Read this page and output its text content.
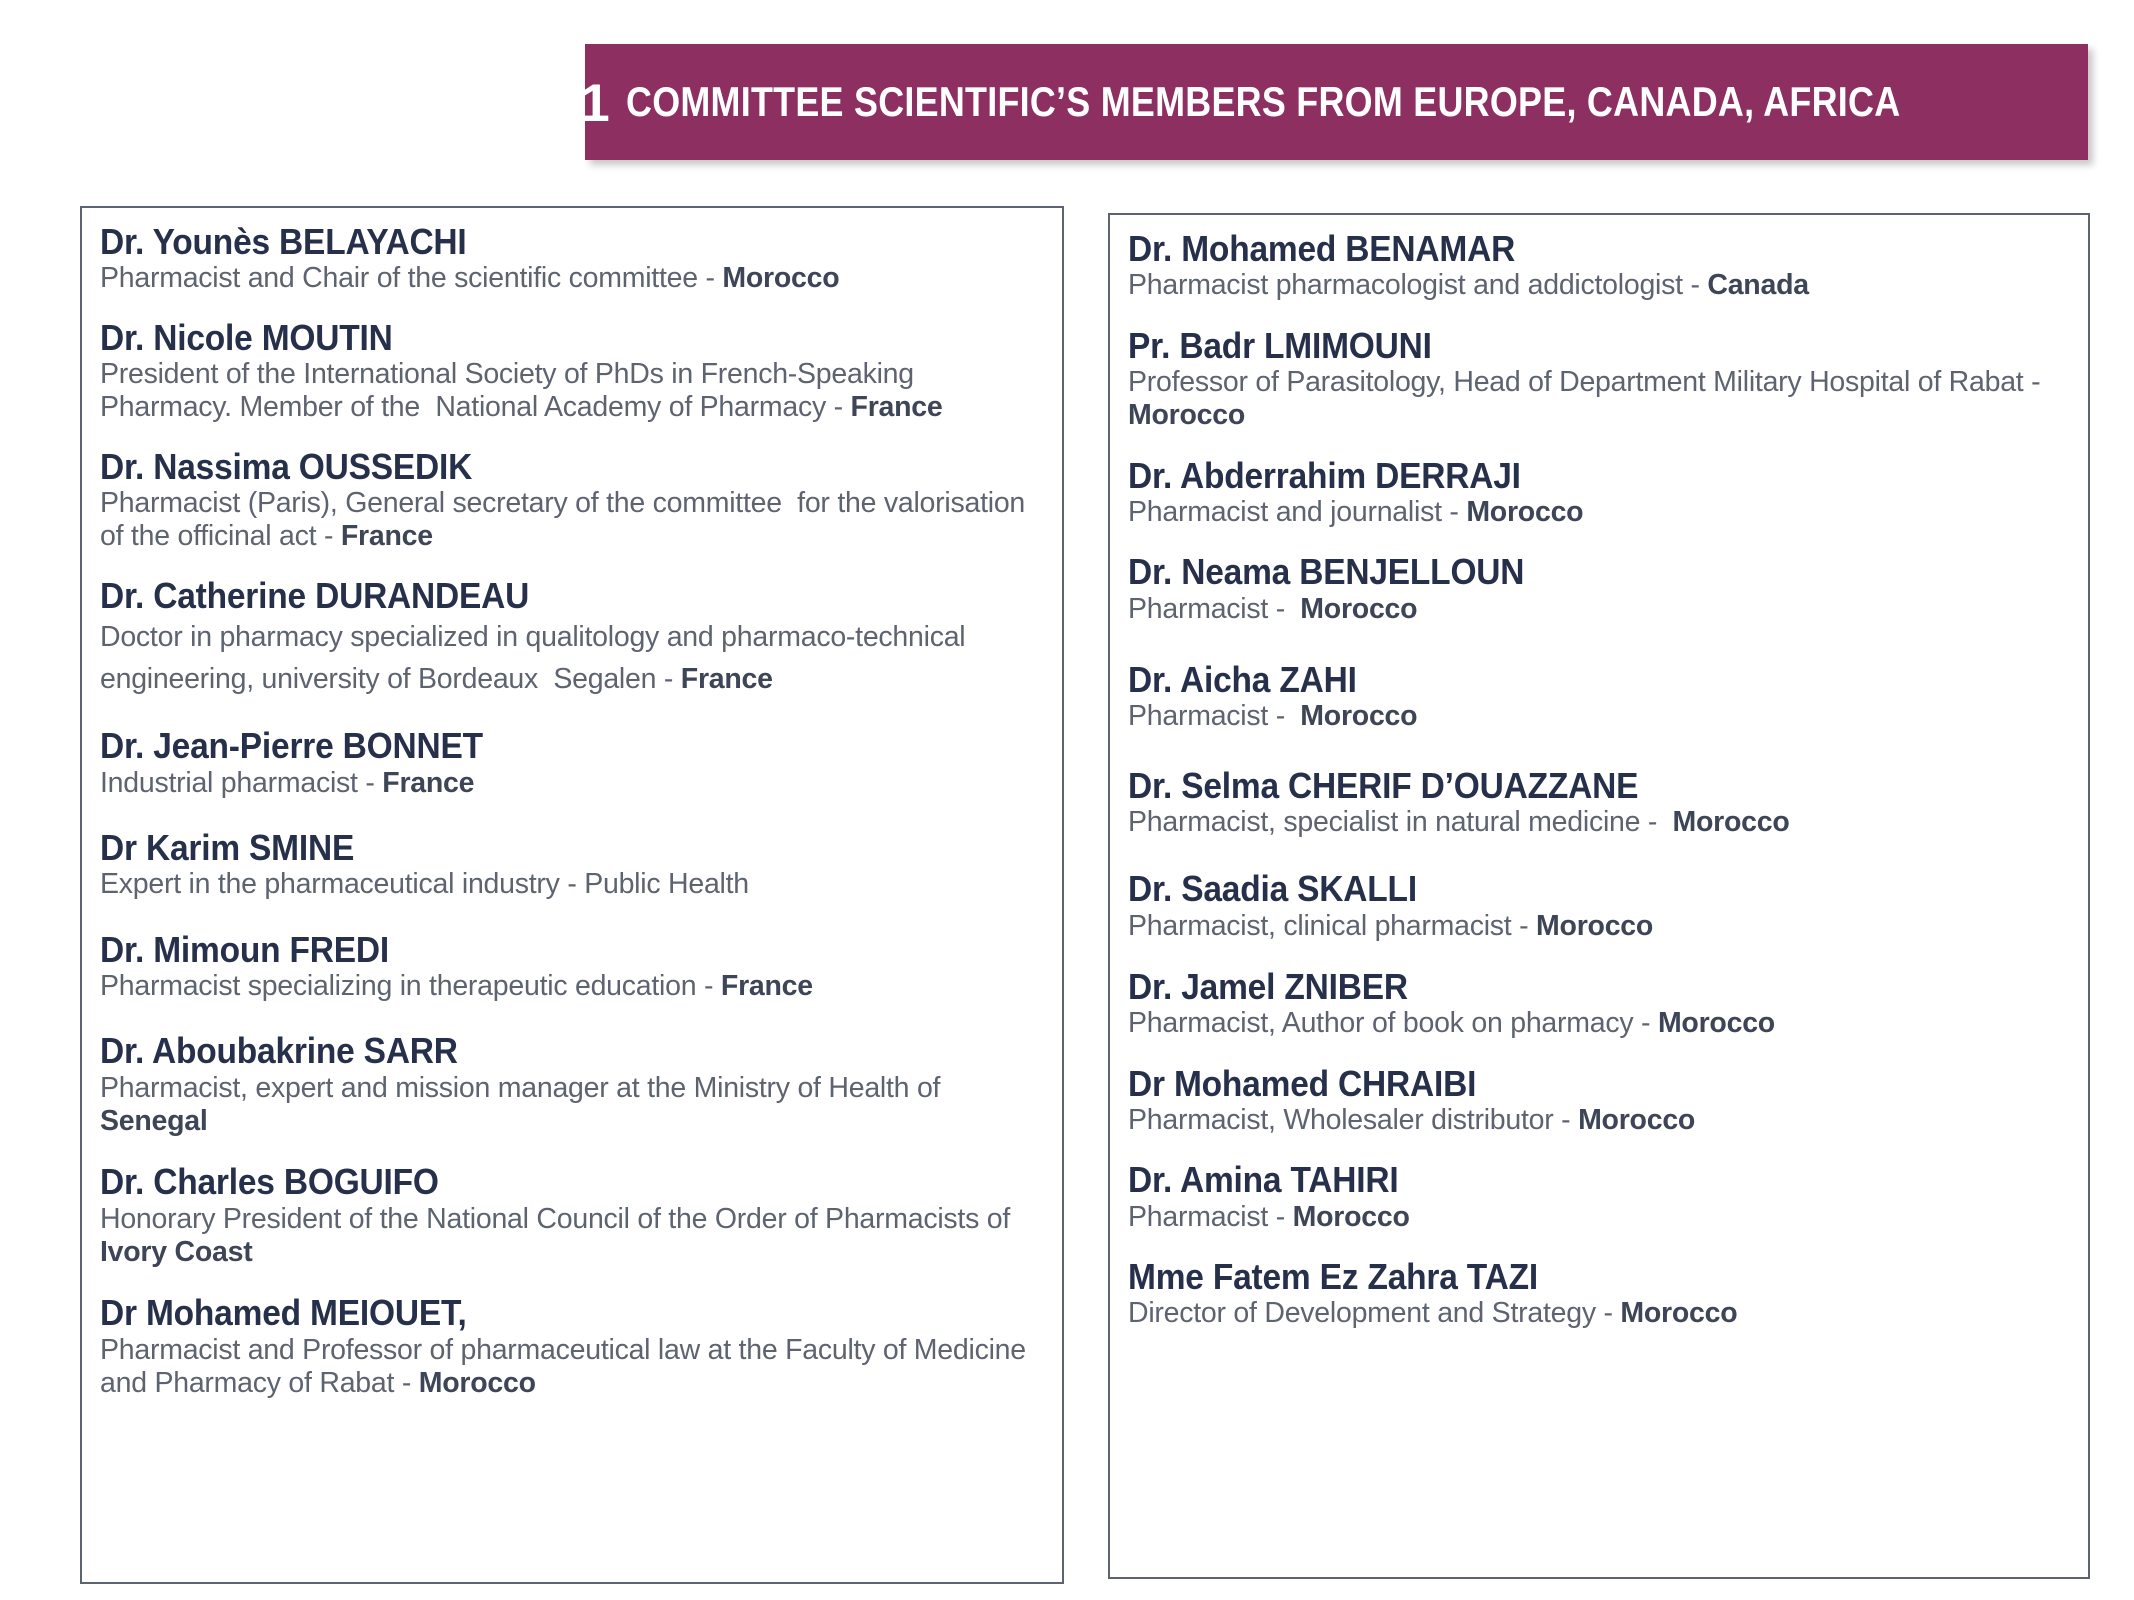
21 COMMITTEE SCIENTIFIC’S MEMBERS FROM EUROPE, CANADA, AFRICA
Dr. Younès BELAYACHI
Pharmacist and Chair of the scientific committee - Morocco
Dr. Nicole MOUTIN
President of the International Society of PhDs in French-Speaking Pharmacy. Member of the  National Academy of Pharmacy - France
Dr. Nassima OUSSEDIK
Pharmacist (Paris), General secretary of the committee  for the valorisation of the officinal act - France
Dr. Catherine DURANDEAU
Doctor in pharmacy specialized in qualitology and pharmaco-technical engineering, university of Bordeaux  Segalen - France
Dr. Jean-Pierre BONNET
Industrial pharmacist - France
Dr Karim SMINE
Expert in the pharmaceutical industry - Public Health
Dr. Mimoun FREDI
Pharmacist specializing in therapeutic education - France
Dr. Aboubakrine SARR
Pharmacist, expert and mission manager at the Ministry of Health of Senegal
Dr. Charles BOGUIFO
Honorary President of the National Council of the Order of Pharmacists of Ivory Coast
Dr Mohamed MEIOUET,
Pharmacist and Professor of pharmaceutical law at the Faculty of Medicine and Pharmacy of Rabat - Morocco
Dr. Mohamed BENAMAR
Pharmacist pharmacologist and addictologist - Canada
Pr. Badr LMIMOUNI
Professor of Parasitology, Head of Department Military Hospital of Rabat - Morocco
Dr. Abderrahim DERRAJI
Pharmacist and journalist - Morocco
Dr. Neama BENJELLOUN
Pharmacist -  Morocco
Dr. Aicha ZAHI
Pharmacist -  Morocco
Dr. Selma CHERIF D’OUAZZANE
Pharmacist, specialist in natural medicine -  Morocco
Dr. Saadia SKALLI
Pharmacist, clinical pharmacist - Morocco
Dr. Jamel ZNIBER
Pharmacist, Author of book on pharmacy - Morocco
Dr Mohamed CHRAIBI
Pharmacist, Wholesaler distributor - Morocco
Dr. Amina TAHIRI
Pharmacist - Morocco
Mme Fatem Ez Zahra TAZI
Director of Development and Strategy - Morocco
